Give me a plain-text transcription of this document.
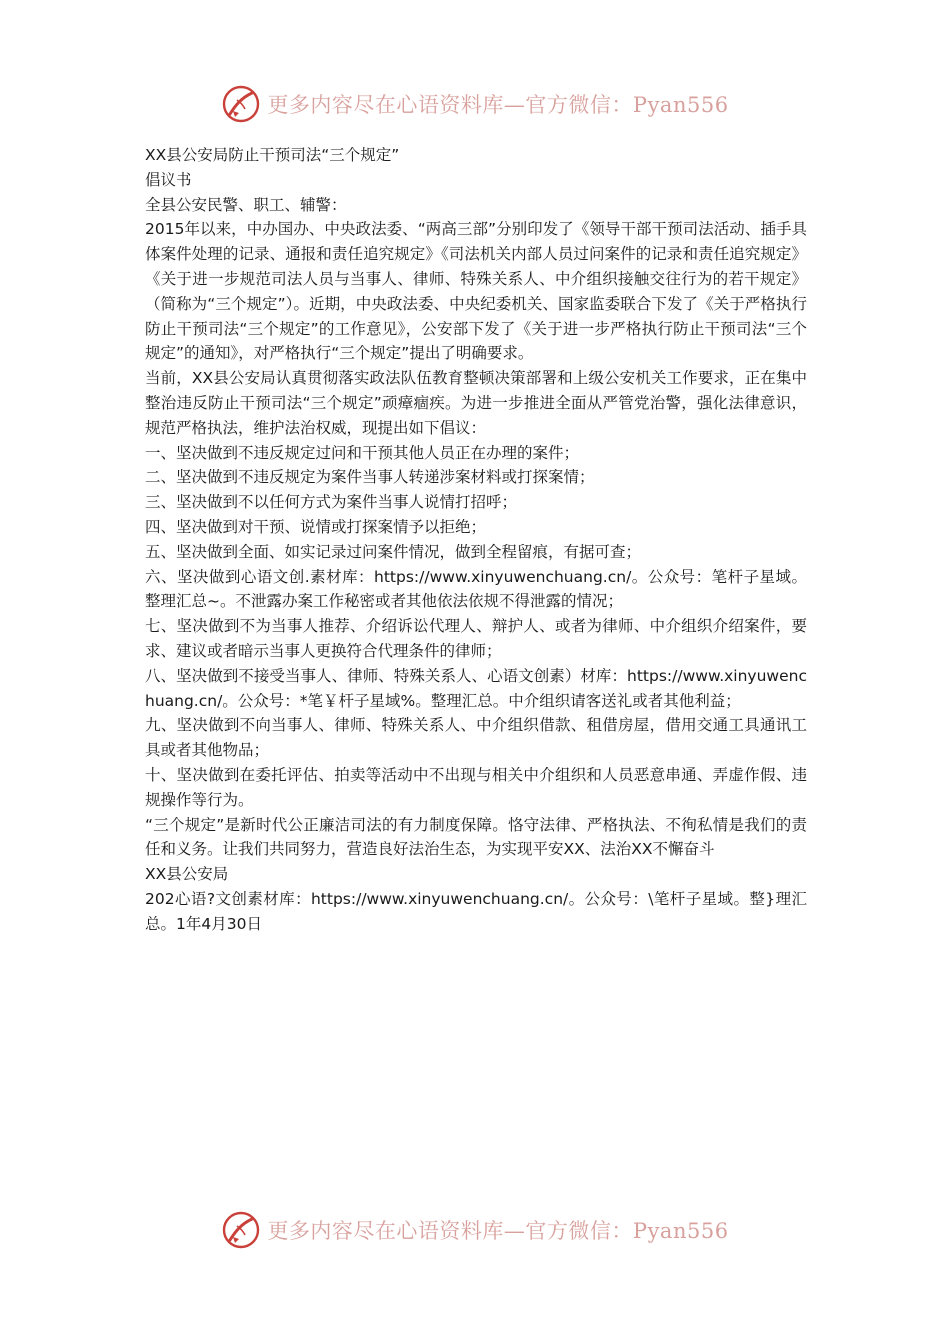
更多内容尽在心语资料库—官方微信：Pyan556

XX县公安局防止干预司法“三个规定”

倡议书

全县公安民警、职工、辅警：

2015年以来，中办国办、中央政法委、“两高三部”分别印发了《领导干部干预司法活动、插手具体案件处理的记录、通报和责任追究规定》《司法机关内部人员过问案件的记录和责任追究规定》《关于进一步规范司法人员与当事人、律师、特殊关系人、中介组织接触交往行为的若干规定》（简称为“三个规定”）。近期，中央政法委、中央纪委机关、国家监委联合下发了《关于严格执行防止干预司法“三个规定”的工作意见》，公安部下发了《关于进一步严格执行防止干预司法“三个规定”的通知》，对严格执行“三个规定”提出了明确要求。

当前，XX县公安局认真贯彻落实政法队伍教育整顿决策部署和上级公安机关工作要求，正在集中整治违反防止干预司法“三个规定”顽瘴痼疾。为进一步推进全面从严管党治警，强化法律意识，规范严格执法，维护法治权威，现提出如下倡议：

一、坚决做到不违反规定过问和干预其他人员正在办理的案件；

二、坚决做到不违反规定为案件当事人转递涉案材料或打探案情；

三、坚决做到不以任何方式为案件当事人说情打招呼；

四、坚决做到对干预、说情或打探案情予以拒绝；

五、坚决做到全面、如实记录过问案件情况，做到全程留痕，有据可查；

六、坚决做到心语文创.素材库：https://www.xinyuwenchuang.cn/。公众号：笔杆子星域。整理汇总~。不泄露办案工作秘密或者其他依法依规不得泄露的情况；

七、坚决做到不为当事人推荐、介绍诉讼代理人、辩护人、或者为律师、中介组织介绍案件，要求、建议或者暗示当事人更换符合代理条件的律师；

八、坚决做到不接受当事人、律师、特殊关系人、心语文创素）材库：https://www.xinyuwenchuang.cn/。公众号：*笔￥杆子星域%。整理汇总。中介组织请客送礼或者其他利益；

九、坚决做到不向当事人、律师、特殊关系人、中介组织借款、租借房屋，借用交通工具通讯工具或者其他物品；

十、坚决做到在委托评估、拍卖等活动中不出现与相关中介组织和人员恶意串通、弄虚作假、违规操作等行为。

“三个规定”是新时代公正廉洁司法的有力制度保障。恪守法律、严格执法、不徇私情是我们的责任和义务。让我们共同努力，营造良好法治生态，为实现平安XX、法治XX不懈奋斗

XX县公安局

202心语?文创素材库：https://www.xinyuwenchuang.cn/。公众号：\笔杆子星域。整}理汇总。1年4月30日

更多内容尽在心语资料库—官方微信：Pyan556
